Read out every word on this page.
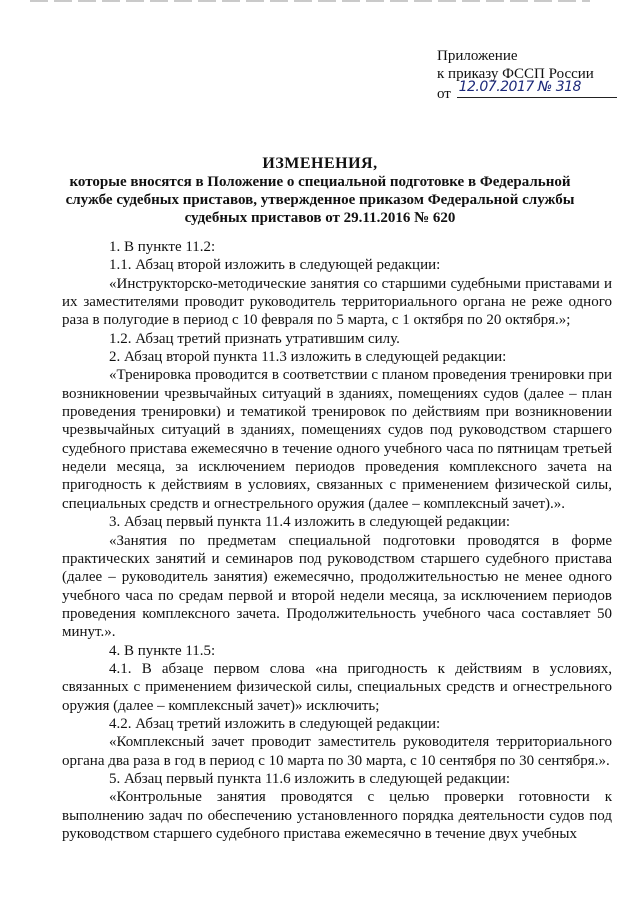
Приложение
к приказу ФССП России
от 12.07.2017 № 318
ИЗМЕНЕНИЯ,
которые вносятся в Положение о специальной подготовке в Федеральной службе судебных приставов, утвержденное приказом Федеральной службы судебных приставов от 29.11.2016 № 620

1. В пункте 11.2:

1.1. Абзац второй изложить в следующей редакции:

«Инструкторско-методические занятия со старшими судебными приставами и их заместителями проводит руководитель территориального органа не реже одного раза в полугодие в период с 10 февраля по 5 марта, с 1 октября по 20 октября.»;

1.2. Абзац третий признать утратившим силу.

2. Абзац второй пункта 11.3 изложить в следующей редакции:

«Тренировка проводится в соответствии с планом проведения тренировки при возникновении чрезвычайных ситуаций в зданиях, помещениях судов (далее – план проведения тренировки) и тематикой тренировок по действиям при возникновении чрезвычайных ситуаций в зданиях, помещениях судов под руководством старшего судебного пристава ежемесячно в течение одного учебного часа по пятницам третьей недели месяца, за исключением периодов проведения комплексного зачета на пригодность к действиям в условиях, связанных с применением физической силы, специальных средств и огнестрельного оружия (далее – комплексный зачет).».

3. Абзац первый пункта 11.4 изложить в следующей редакции:

«Занятия по предметам специальной подготовки проводятся в форме практических занятий и семинаров под руководством старшего судебного пристава (далее – руководитель занятия) ежемесячно, продолжительностью не менее одного учебного часа по средам первой и второй недели месяца, за исключением периодов проведения комплексного зачета. Продолжительность учебного часа составляет 50 минут.».

4. В пункте 11.5:

4.1. В абзаце первом слова «на пригодность к действиям в условиях, связанных с применением физической силы, специальных средств и огнестрельного оружия (далее – комплексный зачет)» исключить;

4.2. Абзац третий изложить в следующей редакции:

«Комплексный зачет проводит заместитель руководителя территориального органа два раза в год в период с 10 марта по 30 марта, с 10 сентября по 30 сентября.».

5. Абзац первый пункта 11.6 изложить в следующей редакции:

«Контрольные занятия проводятся с целью проверки готовности к выполнению задач по обеспечению установленного порядка деятельности судов под руководством старшего судебного пристава ежемесячно в течение двух учебных
